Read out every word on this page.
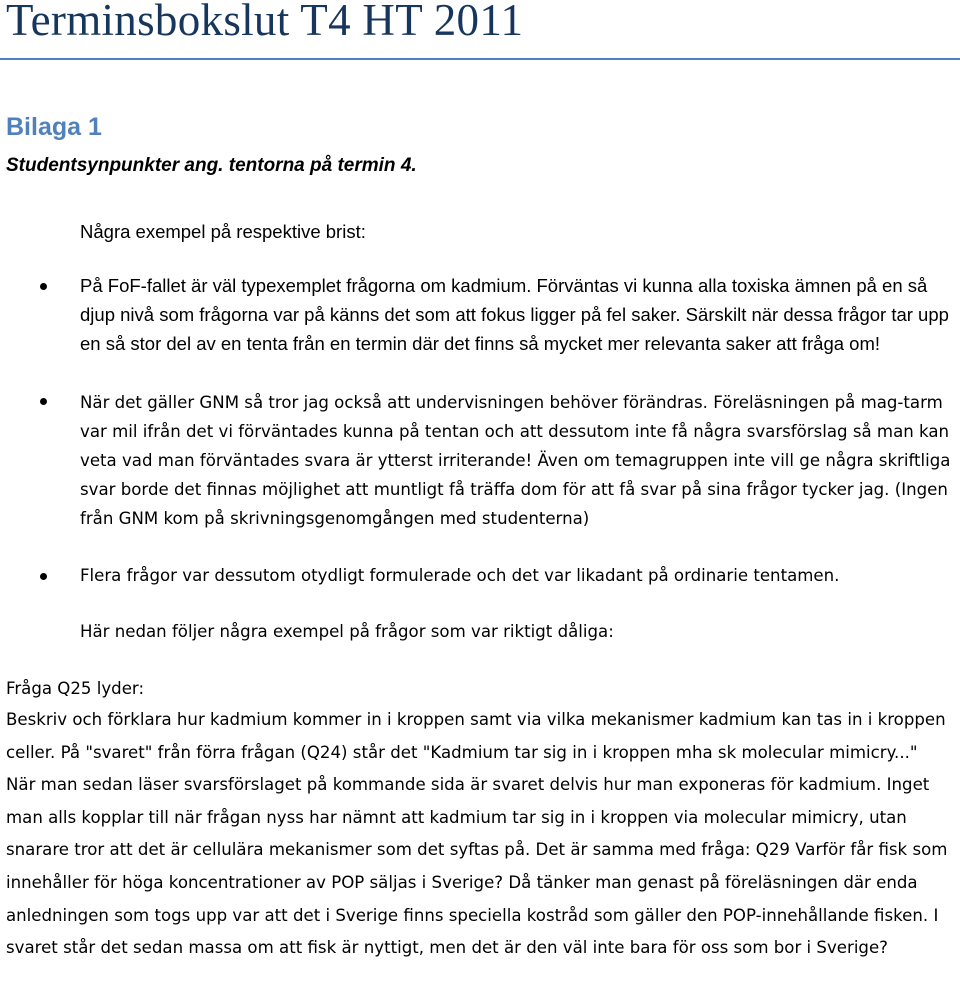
Terminsbokslut T4 HT 2011
Bilaga 1

Studentsynpunkter ang. tentorna på termin 4.

Några exempel på respektive brist:

På FoF-fallet är väl typexemplet frågorna om kadmium. Förväntas vi kunna alla toxiska ämnen på en så djup nivå som frågorna var på känns det som att fokus ligger på fel saker. Särskilt när dessa frågor tar upp en så stor del av en tenta från en termin där det finns så mycket mer relevanta saker att fråga om!
När det gäller GNM så tror jag också att undervisningen behöver förändras. Föreläsningen på mag-tarm var mil ifrån det vi förväntades kunna på tentan och att dessutom inte få några svarsförslag så man kan veta vad man förväntades svara är ytterst irriterande! Även om temagruppen inte vill ge några skriftliga svar borde det finnas möjlighet att muntligt få träffa dom för att få svar på sina frågor tycker jag. (Ingen från GNM kom på skrivningsgenomgången med studenterna)
Flera frågor var dessutom otydligt formulerade och det var likadant på ordinarie tentamen.

Här nedan följer några exempel på frågor som var riktigt dåliga:

Fråga Q25 lyder:

Beskriv och förklara hur kadmium kommer in i kroppen samt via vilka mekanismer kadmium kan tas in i kroppen celler. På "svaret" från förra frågan (Q24) står det "Kadmium tar sig in i kroppen mha sk molecular mimicry..." När man sedan läser svarsförslaget på kommande sida är svaret delvis hur man exponeras för kadmium. Inget man alls kopplar till när frågan nyss har nämnt att kadmium tar sig in i kroppen via molecular mimicry, utan snarare tror att det är cellulära mekanismer som det syftas på. Det är samma med fråga: Q29 Varför får fisk som innehåller för höga koncentrationer av POP säljas i Sverige? Då tänker man genast på föreläsningen där enda anledningen som togs upp var att det i Sverige finns speciella kostråd som gäller den POP-innehållande fisken. I svaret står det sedan massa om att fisk är nyttigt, men det är den väl inte bara för oss som bor i Sverige?
